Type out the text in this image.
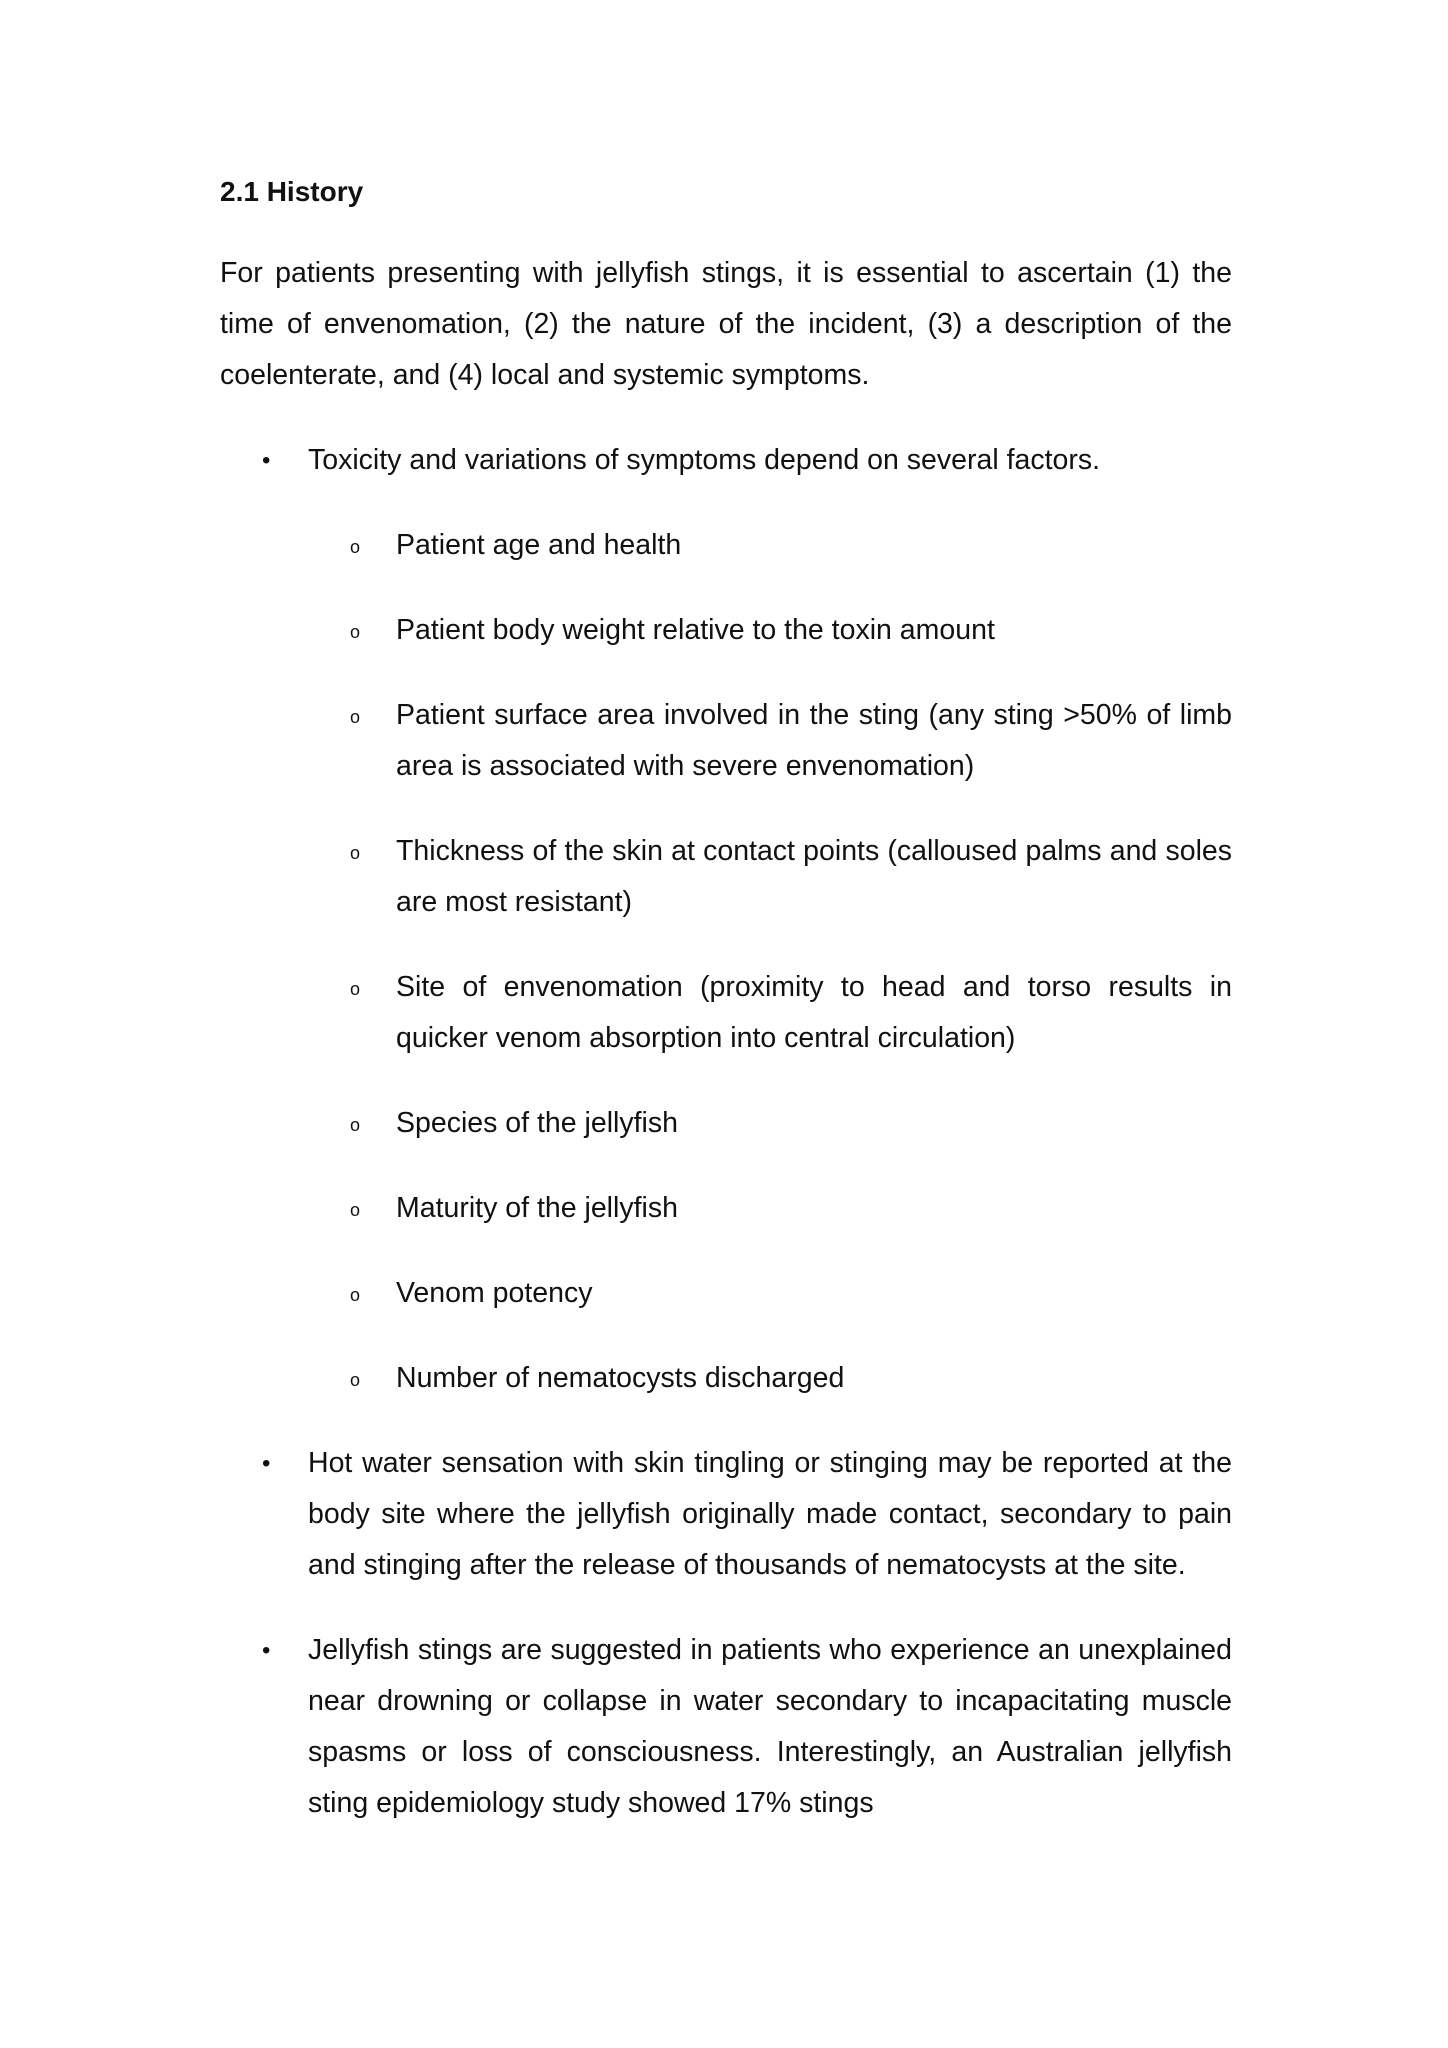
2.1 History

For patients presenting with jellyfish stings, it is essential to ascertain (1) the time of envenomation, (2) the nature of the incident, (3) a description of the coelenterate, and (4) local and systemic symptoms.

• Toxicity and variations of symptoms depend on several factors.
o Patient age and health
o Patient body weight relative to the toxin amount
o Patient surface area involved in the sting (any sting >50% of limb area is associated with severe envenomation)
o Thickness of the skin at contact points (calloused palms and soles are most resistant)
o Site of envenomation (proximity to head and torso results in quicker venom absorption into central circulation)
o Species of the jellyfish
o Maturity of the jellyfish
o Venom potency
o Number of nematocysts discharged
• Hot water sensation with skin tingling or stinging may be reported at the body site where the jellyfish originally made contact, secondary to pain and stinging after the release of thousands of nematocysts at the site.
• Jellyfish stings are suggested in patients who experience an unexplained near drowning or collapse in water secondary to incapacitating muscle spasms or loss of consciousness. Interestingly, an Australian jellyfish sting epidemiology study showed 17% stings
